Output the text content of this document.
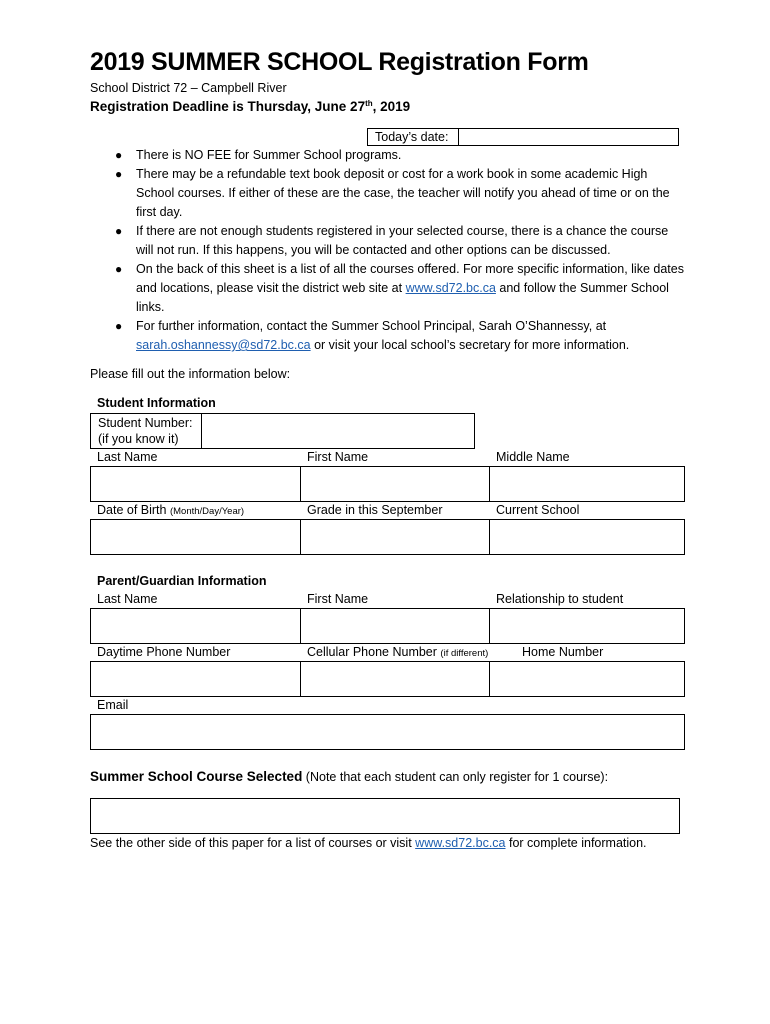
2019 SUMMER SCHOOL Registration Form
School District 72 – Campbell River
Registration Deadline is Thursday, June 27th, 2019
Today’s date:
● There is NO FEE for Summer School programs.
● There may be a refundable text book deposit or cost for a work book in some academic High School courses. If either of these are the case, the teacher will notify you ahead of time or on the first day.
● If there are not enough students registered in your selected course, there is a chance the course will not run. If this happens, you will be contacted and other options can be discussed.
● On the back of this sheet is a list of all the courses offered. For more specific information, like dates and locations, please visit the district web site at www.sd72.bc.ca and follow the Summer School links.
● For further information, contact the Summer School Principal, Sarah O’Shannessy, at sarah.oshannessy@sd72.bc.ca or visit your local school’s secretary for more information.
Please fill out the information below:
Student Information
Student Number:
(if you know it)
Last Name	First Name	Middle Name
Date of Birth (Month/Day/Year)	Grade in this September	Current School
Parent/Guardian Information
Last Name	First Name	Relationship to student
Daytime Phone Number	Cellular Phone Number (if different)	Home Number
Email
Summer School Course Selected (Note that each student can only register for 1 course):
See the other side of this paper for a list of courses or visit www.sd72.bc.ca for complete information.
